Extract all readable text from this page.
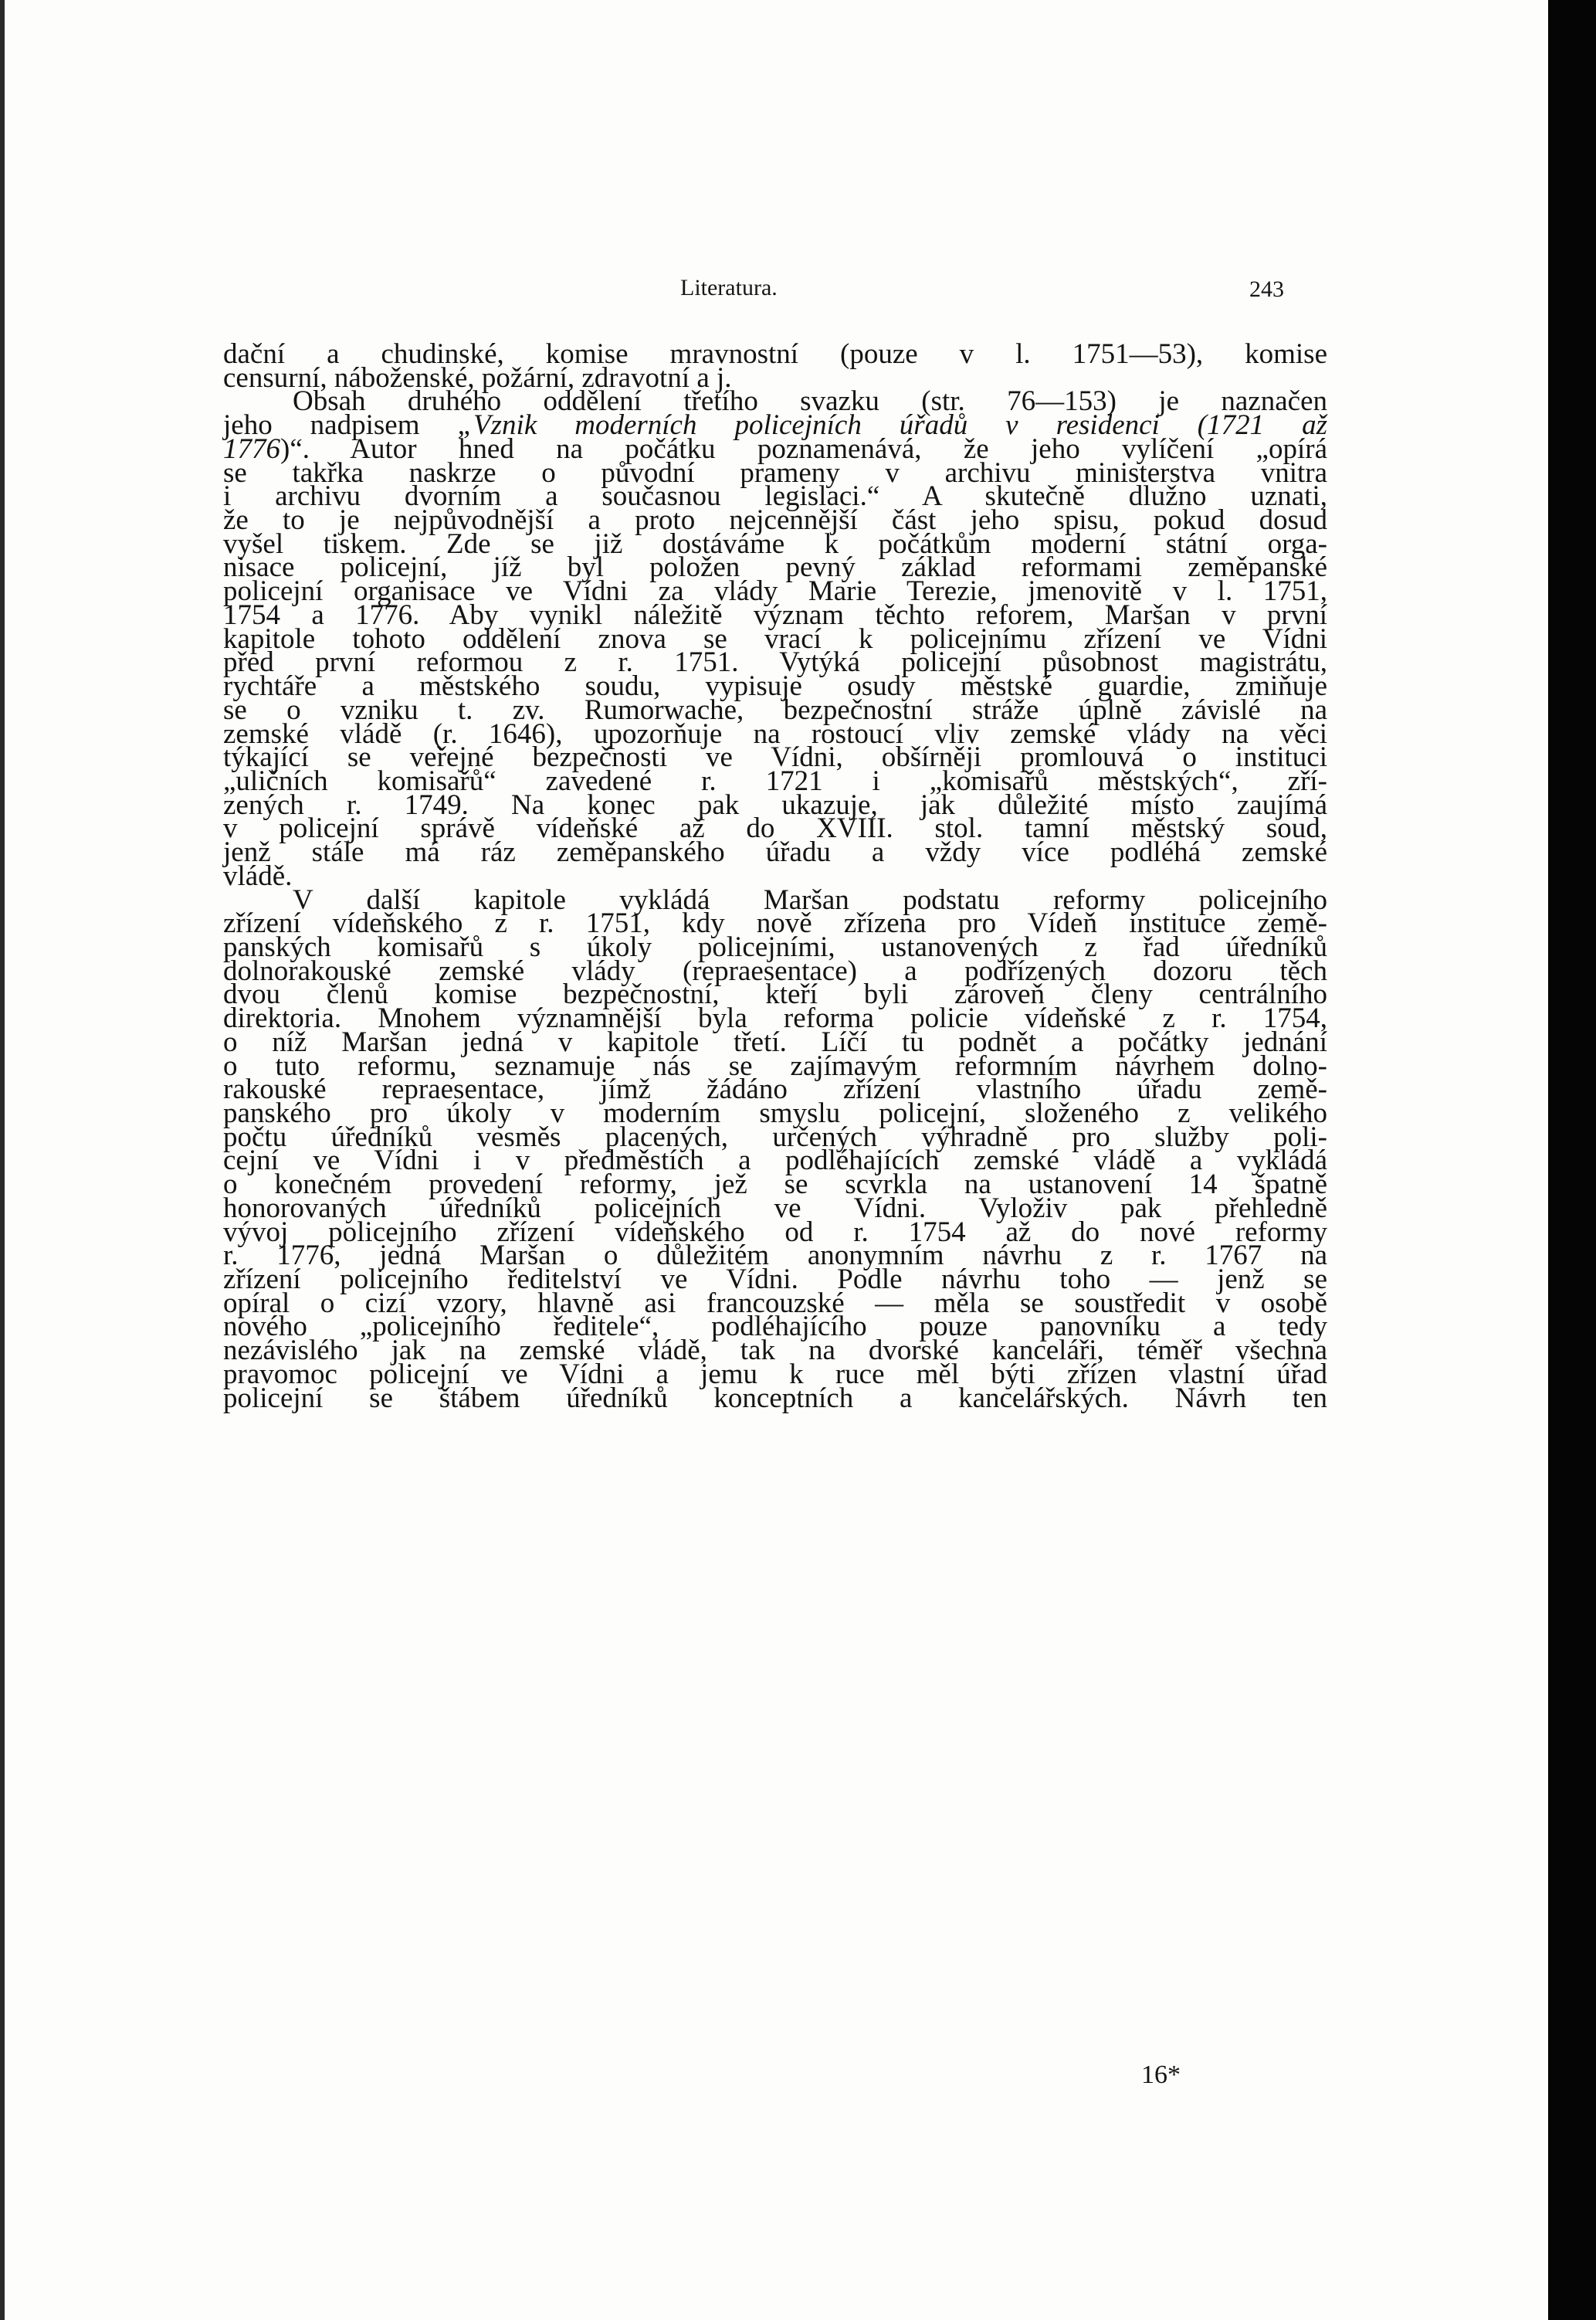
Literatura.	243
dační a chudinské, komise mravnostní (pouze v l. 1751—53), komise
censurní, náboženské, požární, zdravotní a j.
Obsah druhého oddělení třetího svazku (str. 76—153) je naznačen
jeho nadpisem „Vznik moderních policejních úřadů v residenci (1721 až
1776)“. Autor hned na počátku poznamenává, že jeho vylíčení „opírá
se takřka naskrze o původní prameny v archivu ministerstva vnitra
i archivu dvorním a současnou legislaci.“ A skutečně dlužno uznati,
že to je nejpůvodnější a proto nejcennější část jeho spisu, pokud dosud
vyšel tiskem. Zde se již dostáváme k počátkům moderní státní orga-
nisace policejní, jíž byl položen pevný základ reformami zeměpanské
policejní organisace ve Vídni za vlády Marie Terezie, jmenovitě v l. 1751,
1754 a 1776. Aby vynikl náležitě význam těchto reforem, Maršan v první
kapitole tohoto oddělení znova se vrací k policejnímu zřízení ve Vídni
před první reformou z r. 1751. Vytýká policejní působnost magistrátu,
rychtáře a městského soudu, vypisuje osudy městské guardie, zmiňuje
se o vzniku t. zv. Rumorwache, bezpečnostní stráže úplně závislé na
zemské vládě (r. 1646), upozorňuje na rostoucí vliv zemské vlády na věci
týkající se veřejné bezpečnosti ve Vídni, obšírněji promlouvá o instituci
„uličních komisařů“ zavedené r. 1721 i „komisařů městských“, zří-
zených r. 1749. Na konec pak ukazuje, jak důležité místo zaujímá
v policejní správě vídeňské až do XVIII. stol. tamní městský soud,
jenž stále má ráz zeměpanského úřadu a vždy více podléhá zemské
vládě.
V další kapitole vykládá Maršan podstatu reformy policejního
zřízení vídeňského z r. 1751, kdy nově zřízena pro Vídeň instituce země-
panských komisařů s úkoly policejními, ustanovených z řad úředníků
dolnorakouské zemské vlády (repraesentace) a podřízených dozoru těch
dvou členů komise bezpečnostní, kteří byli zároveň členy centrálního
direktoria. Mnohem významnější byla reforma policie vídeňské z r. 1754,
o níž Maršan jedná v kapitole třetí. Líčí tu podnět a počátky jednání
o tuto reformu, seznamuje nás se zajímavým reformním návrhem dolno-
rakouské repraesentace, jímž žádáno zřízení vlastního úřadu země-
panského pro úkoly v moderním smyslu policejní, složeného z velikého
počtu úředníků vesměs placených, určených výhradně pro služby poli-
cejní ve Vídni i v předměstích a podléhajících zemské vládě a vykládá
o konečném provedení reformy, jež se scvrkla na ustanovení 14 špatně
honorovaných úředníků policejních ve Vídni. Vyloživ pak přehledně
vývoj policejního zřízení vídeňského od r. 1754 až do nové reformy
r. 1776, jedná Maršan o důležitém anonymním návrhu z r. 1767 na
zřízení policejního ředitelství ve Vídni. Podle návrhu toho — jenž se
opíral o cizí vzory, hlavně asi francouzské — měla se soustředit v osobě
nového „policejního ředitele“, podléhajícího pouze panovníku a tedy
nezávislého jak na zemské vládě, tak na dvorské kanceláři, téměř všechna
pravomoc policejní ve Vídni a jemu k ruce měl býti zřízen vlastní úřad
policejní se štábem úředníků konceptních a kancelářských. Návrh ten
16*
